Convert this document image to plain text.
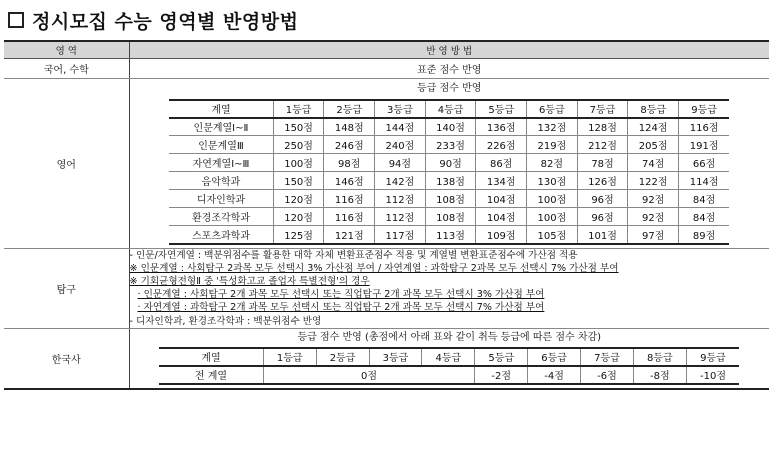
정시모집 수능 영역별 반영방법
영 역	반 영 방 법
국어, 수학	표준 점수 반영
영어	
등급 점수 반영
계열	1등급	2등급	3등급	4등급	5등급	6등급	7등급	8등급	9등급
인문계열Ⅰ~Ⅱ	150점	148점	144점	140점	136점	132점	128점	124점	116점
인문계열Ⅲ	250점	246점	240점	233점	226점	219점	212점	205점	191점
자연계열Ⅰ~Ⅲ	100점	98점	94점	90점	86점	82점	78점	74점	66점
음악학과	150점	146점	142점	138점	134점	130점	126점	122점	114점
디자인학과	120점	116점	112점	108점	104점	100점	96점	92점	84점
환경조각학과	120점	116점	112점	108점	104점	100점	96점	92점	84점
스포츠과학과	125점	121점	117점	113점	109점	105점	101점	97점	89점

탐구	
- 인문/자연계열 : 백분위점수를 활용한 대학 자체 변환표준점수 적용 및 계열별 변환표준점수에 가산점 적용
※ 인문계열 : 사회탐구 2과목 모두 선택시 3% 가산점 부여 / 자연계열 : 과학탐구 2과목 모두 선택시 7% 가산점 부여
※ 기회균형전형Ⅱ 중 '특성화고교 졸업자 특별전형'의 경우
· 인문계열 : 사회탐구 2개 과목 모두 선택시 또는 직업탐구 2개 과목 모두 선택시 3% 가산점 부여
· 자연계열 : 과학탐구 2개 과목 모두 선택시 또는 직업탐구 2개 과목 모두 선택시 7% 가산점 부여
- 디자인학과, 환경조각학과 : 백분위점수 반영

한국사	
등급 점수 반영 (총점에서 아래 표와 같이 취득 등급에 따른 점수 차감)
계열	1등급	2등급	3등급	4등급	5등급	6등급	7등급	8등급	9등급
전 계열	0점	-2점	-4점	-6점	-8점	-10점
